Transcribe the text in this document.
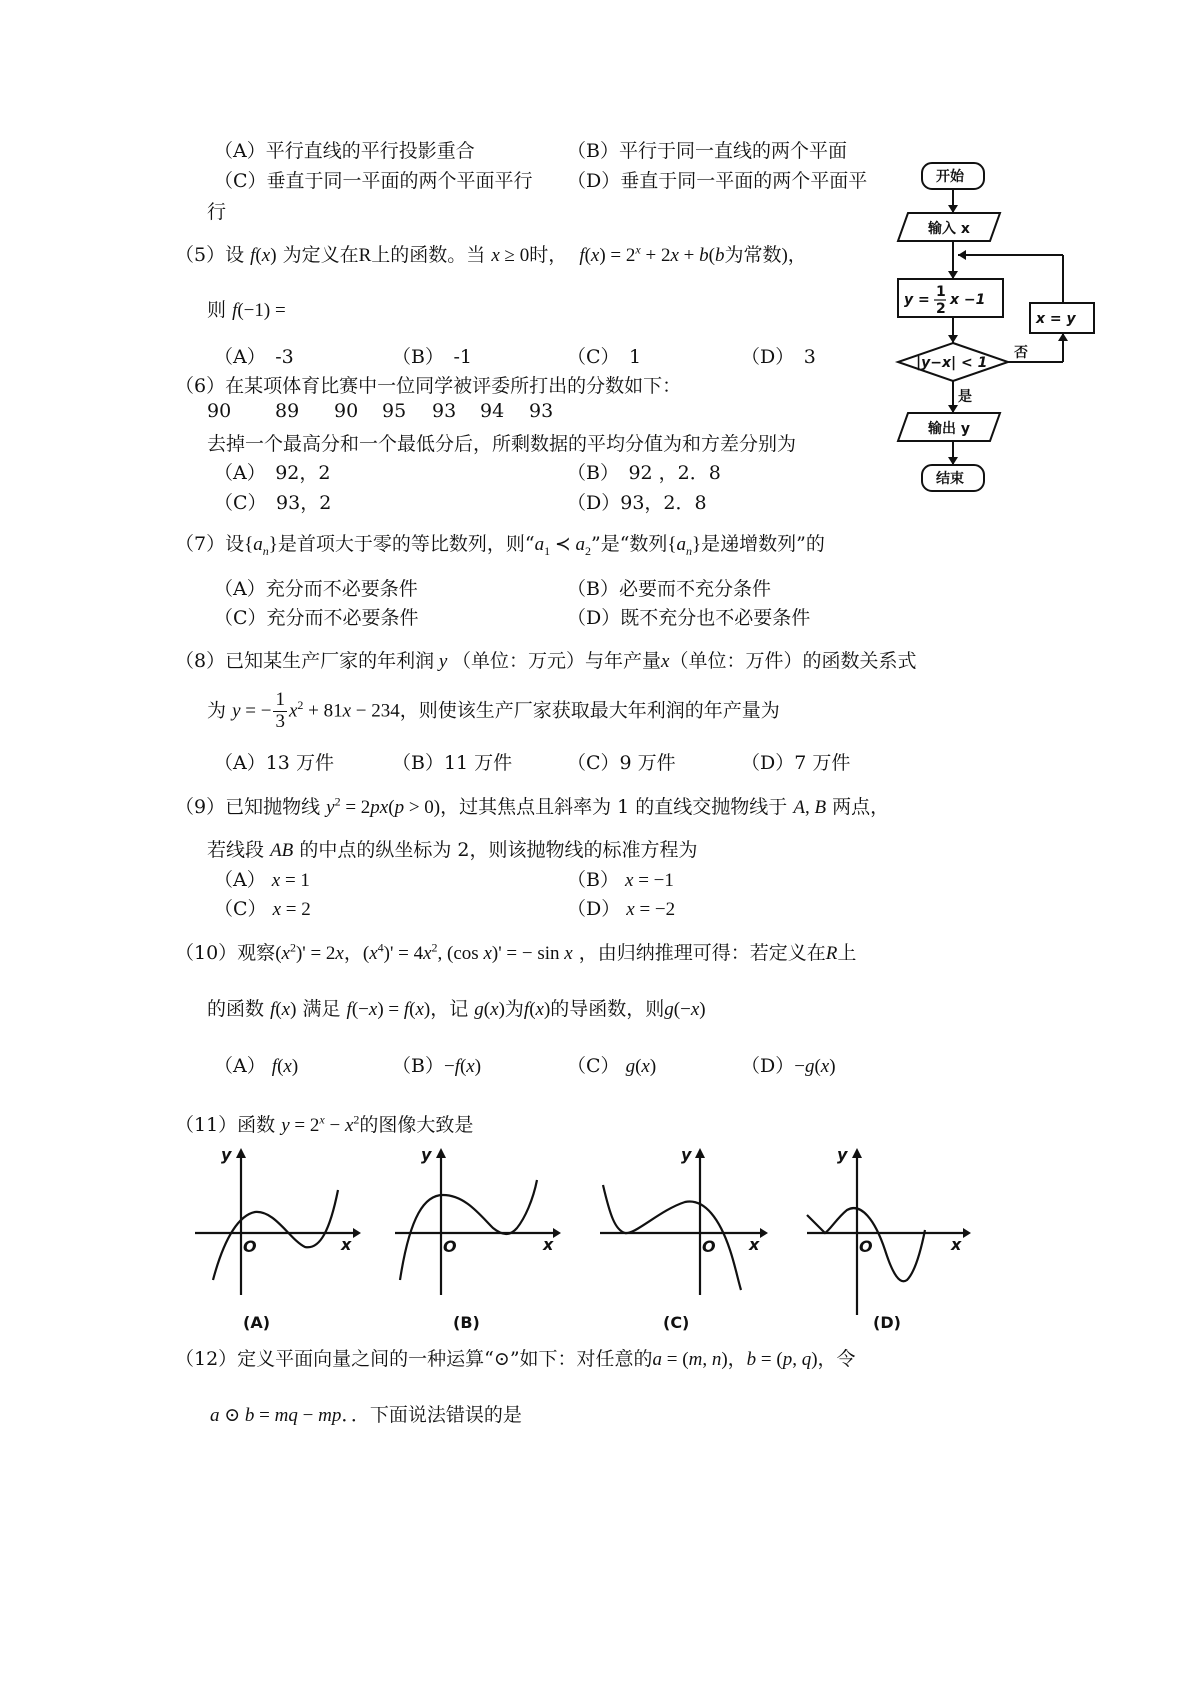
（A）平行直线的平行投影重合	（B）平行于同一直线的两个平面
（C）垂直于同一平面的两个平面平行 （D）垂直于同一平面的两个平面平
行
（5）设 f(x) 为定义在R上的函数。当 x ≥ 0时， $f(x) = 2^x + 2x + b(b$为常数)，
则 f(−1) =
（A）　-3	（B）　-1	（C）　1	（D）　3
（6）在某项体育比赛中一位同学被评委所打出的分数如下：
90 89 90 95 93 94 93
去掉一个最高分和一个最低分后，所剩数据的平均分值为和方差分别为
（A）　92，2	（B）　92 ，2．8
（C）　93，2	（D）93，2．8
（7）设$\{a_n\}$是首项大于零的等比数列，则“$a_1$ ≺ $a_2$”是“数列$\{a_n\}$是递增数列”的
（A）充分而不必要条件	（B）必要而不充分条件
（C）充分而不必要条件	（D）既不充分也不必要条件
（8）已知某生产厂家的年利润 y （单位：万元）与年产量x（单位：万件）的函数关系式
为 y = − $\frac{1}{3} x^2 + 81x - 234$，则使该生产厂家获取最大年利润的年产量为
（A）13 万件	（B）11 万件	（C）9 万件	（D）7 万件
（9）已知抛物线 $y^2 = 2px(p > 0)$，过其焦点且斜率为 1 的直线交抛物线于 A, B 两点，
若线段 AB 的中点的纵坐标为 2，则该抛物线的标准方程为
（A） x = 1	（B） x = −1
（C） x = 2	（D） x = −2
（10）观察$(x^2)' = 2x$，$(x^4)' = 4x^2$, (cos x)' = − sin x ，由归纳推理可得：若定义在R上
的函数 f(x) 满足 f(−x) = f(x)，记 g(x)为f(x)的导函数，则g(−x)
（A） f(x)	（B）−f(x)	（C） g(x)	（D）−g(x)
（11）函数 $y = 2^x - x^2$的图像大致是
y
x
O
y
x
O
y
x
O
y
x
O
(A)	(B)	(C)	(D)
（12）定义平面向量之间的一种运算“⊙”如下：对任意的a = (m, n)，b = (p, q)，令
a ⊙ b = mq − mp．．下面说法错误的是
开始
输入 x
y = 1
2
x −1
|y−x| < 1
x = y
输出 y
结束
否
是
